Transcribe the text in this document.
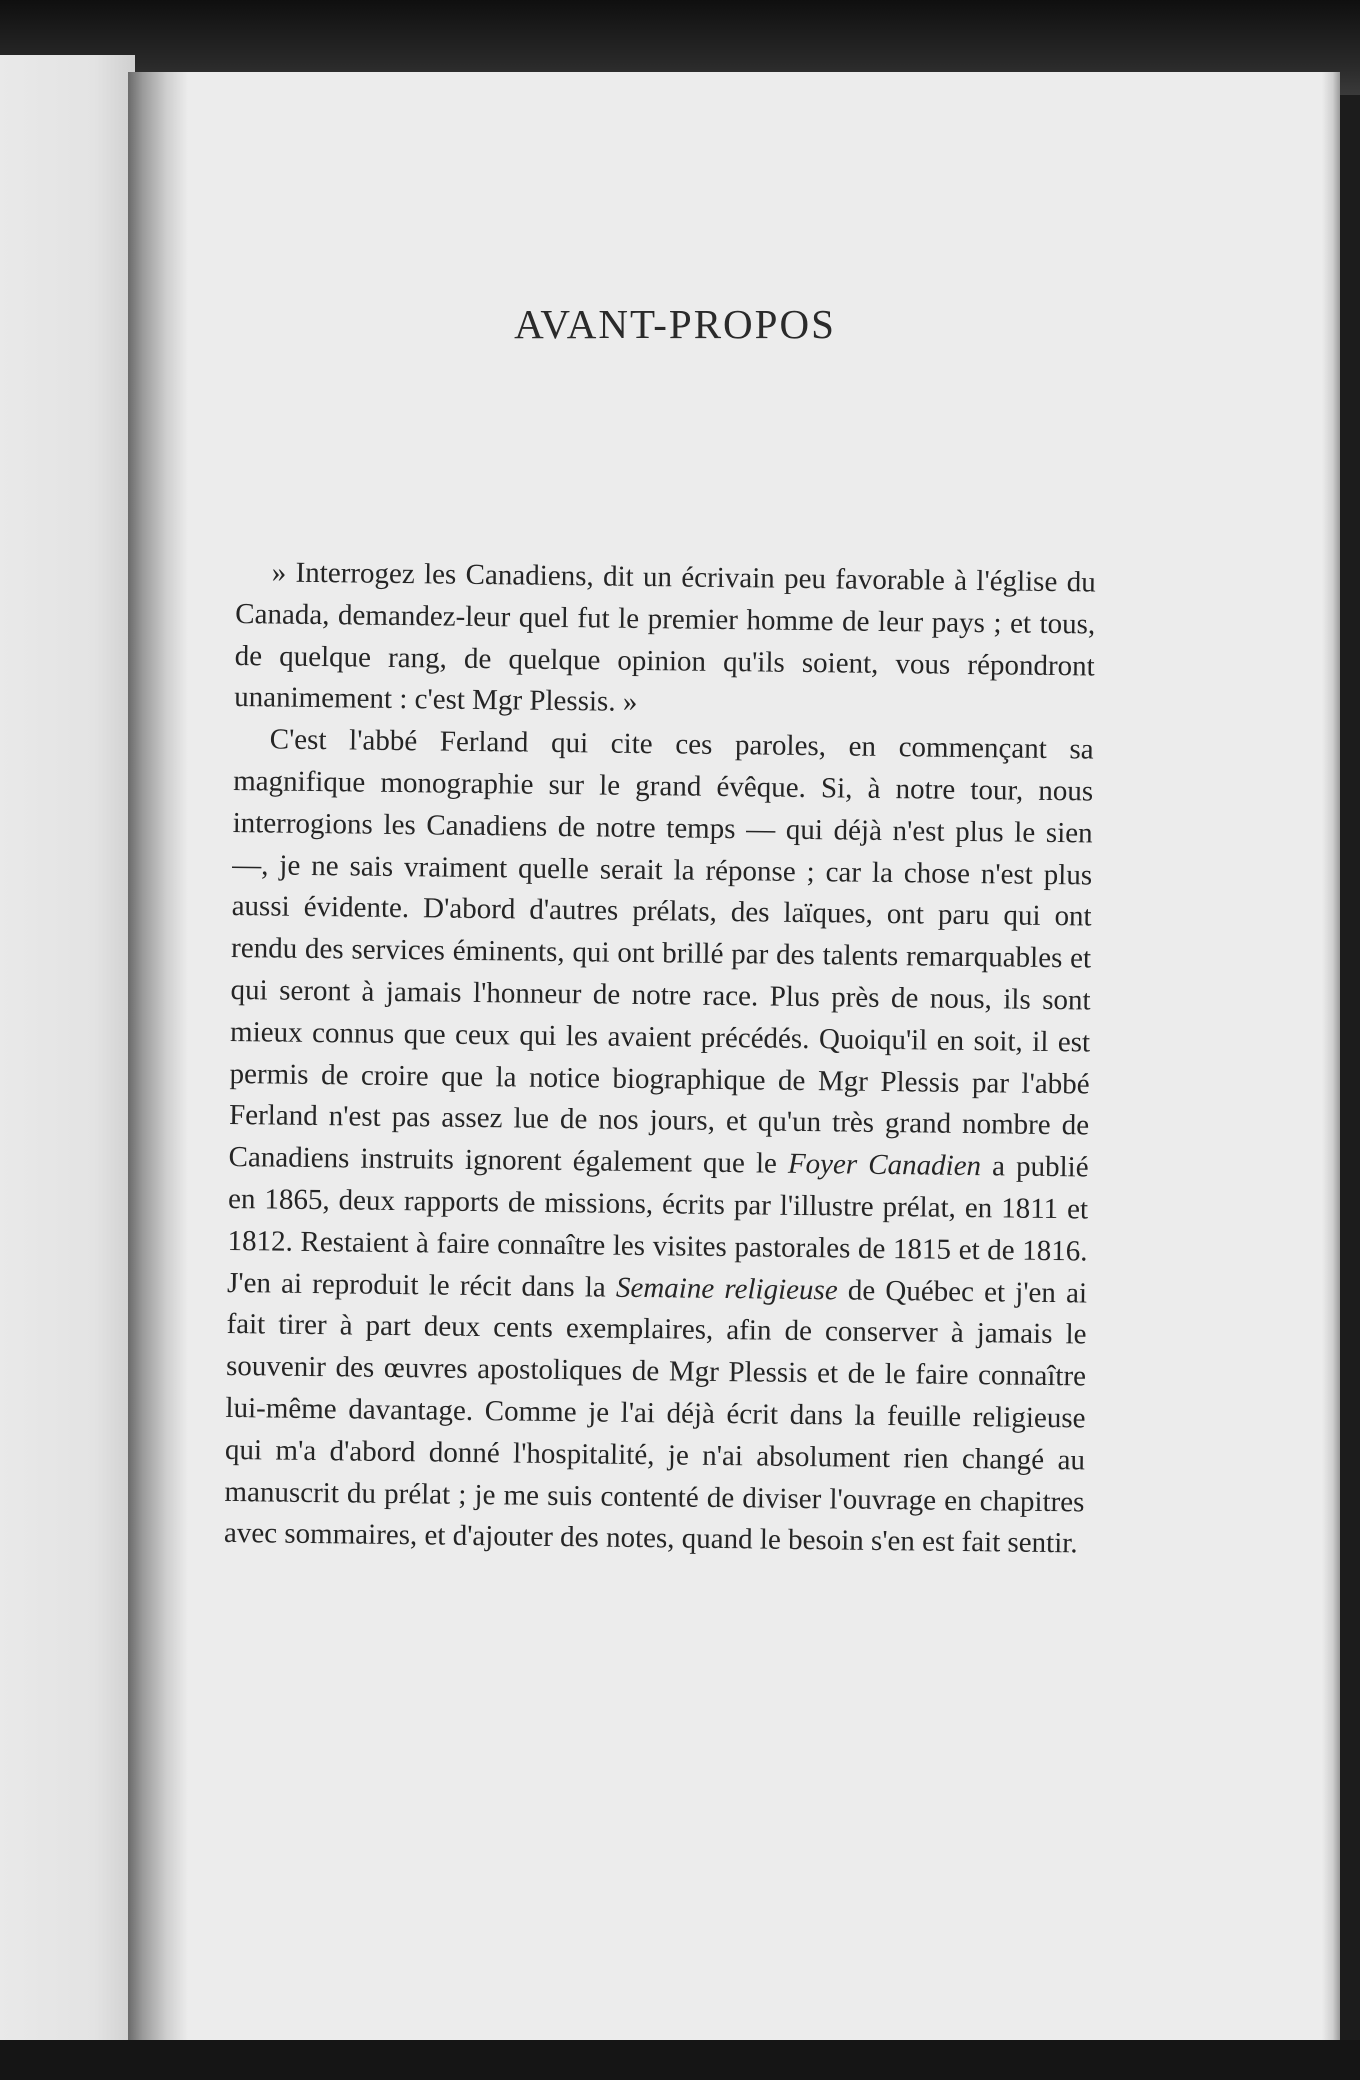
AVANT-PROPOS

» Interrogez les Canadiens, dit un écrivain peu favorable à l'église du Canada, demandez-leur quel fut le premier homme de leur pays ; et tous, de quelque rang, de quelque opinion qu'ils soient, vous répondront unanimement : c'est Mgr Plessis. »

C'est l'abbé Ferland qui cite ces paroles, en commençant sa magnifique monographie sur le grand évêque. Si, à notre tour, nous interrogions les Canadiens de notre temps — qui déjà n'est plus le sien —, je ne sais vraiment quelle serait la réponse ; car la chose n'est plus aussi évidente. D'abord d'autres prélats, des laïques, ont paru qui ont rendu des services éminents, qui ont brillé par des talents remarquables et qui seront à jamais l'honneur de notre race. Plus près de nous, ils sont mieux connus que ceux qui les avaient précédés. Quoiqu'il en soit, il est permis de croire que la notice biographique de Mgr Plessis par l'abbé Ferland n'est pas assez lue de nos jours, et qu'un très grand nombre de Canadiens instruits ignorent également que le Foyer Canadien a publié en 1865, deux rapports de missions, écrits par l'illustre prélat, en 1811 et 1812. Restaient à faire connaître les visites pastorales de 1815 et de 1816. J'en ai reproduit le récit dans la Semaine religieuse de Québec et j'en ai fait tirer à part deux cents exemplaires, afin de conserver à jamais le souvenir des œuvres apostoliques de Mgr Plessis et de le faire connaître lui-même davantage. Comme je l'ai déjà écrit dans la feuille religieuse qui m'a d'abord donné l'hospitalité, je n'ai absolument rien changé au manuscrit du prélat ; je me suis contenté de diviser l'ouvrage en chapitres avec sommaires, et d'ajouter des notes, quand le besoin s'en est fait sentir.
